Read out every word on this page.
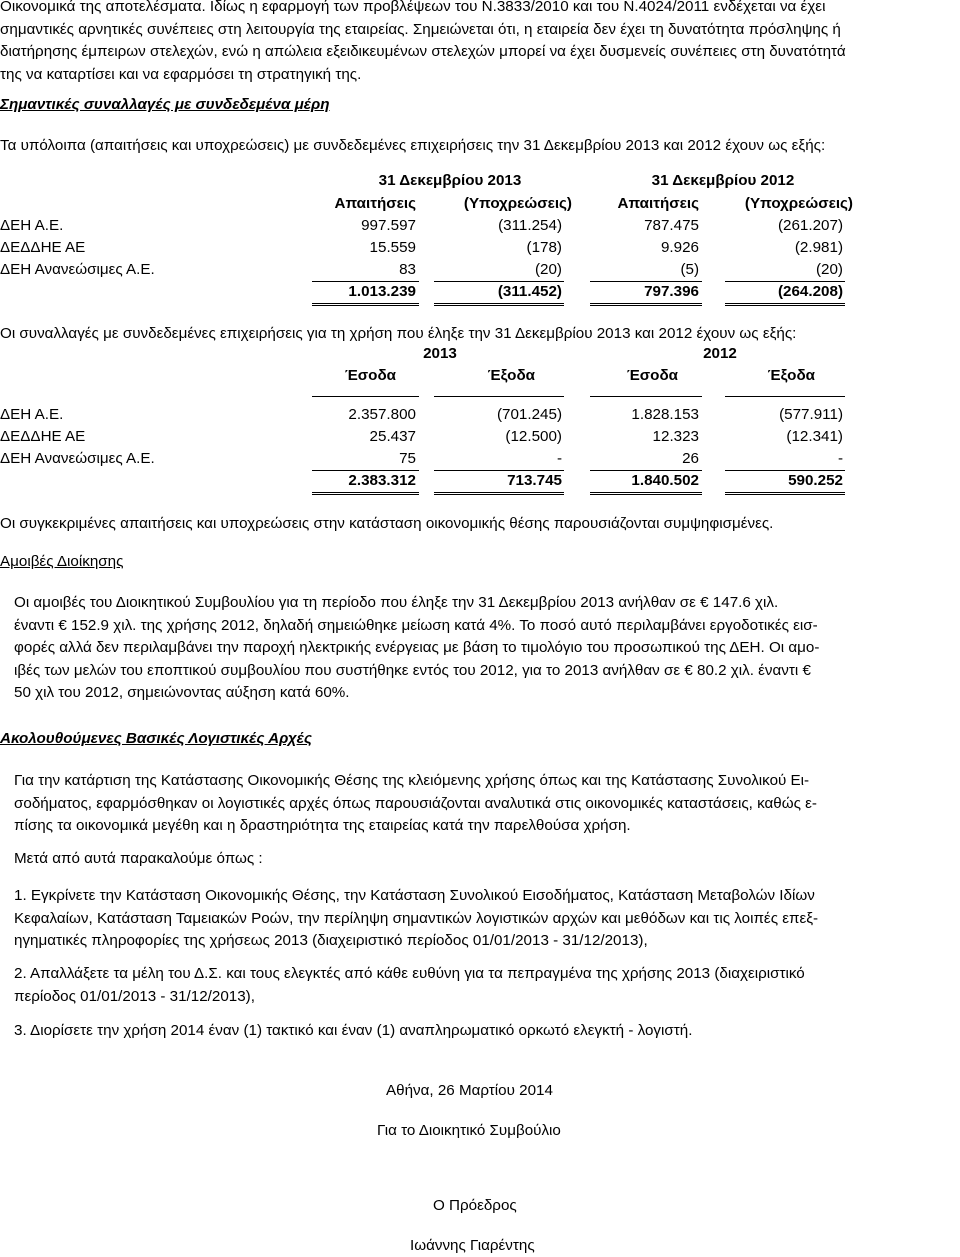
Οικονομικά της αποτελέσματα. Ιδίως η εφαρμογή των προβλέψεων του Ν.3833/2010 και του Ν.4024/2011 ενδέχεται να έχει
σημαντικές αρνητικές συνέπειες στη λειτουργία της εταιρείας. Σημειώνεται ότι, η εταιρεία δεν έχει τη δυνατότητα πρόσληψης ή
διατήρησης έμπειρων στελεχών, ενώ η απώλεια εξειδικευμένων στελεχών μπορεί να έχει δυσμενείς συνέπειες στη δυνατότητά
της να καταρτίσει και να εφαρμόσει τη στρατηγική της.
Σημαντικές συναλλαγές με συνδεδεμένα μέρη
Τα υπόλοιπα (απαιτήσεις και υποχρεώσεις) με συνδεδεμένες επιχειρήσεις την 31 Δεκεμβρίου 2013 και 2012 έχουν ως εξής:
31 Δεκεμβρίου 2013	31 Δεκεμβρίου 2012
Απαιτήσεις	(Υποχρεώσεις)	Απαιτήσεις	(Υποχρεώσεις)
ΔΕΗ Α.Ε.	997.597	(311.254)	787.475	(261.207)
ΔΕΔΔΗΕ ΑΕ	15.559	(178)	9.926	(2.981)
ΔΕΗ Ανανεώσιμες Α.Ε.	83	(20)	(5)	(20)
1.013.239	(311.452)	797.396	(264.208)
Οι συναλλαγές με συνδεδεμένες επιχειρήσεις για τη χρήση που έληξε την 31 Δεκεμβρίου 2013 και 2012 έχουν ως εξής:
2013	2012
Έσοδα	Έξοδα	Έσοδα	Έξοδα
ΔΕΗ Α.Ε.	2.357.800	(701.245)	1.828.153	(577.911)
ΔΕΔΔΗΕ ΑΕ	25.437	(12.500)	12.323	(12.341)
ΔΕΗ Ανανεώσιμες Α.Ε.	75	-	26	-
2.383.312	713.745	1.840.502	590.252
Οι συγκεκριμένες απαιτήσεις και υποχρεώσεις στην κατάσταση οικονομικής θέσης παρουσιάζονται συμψηφισμένες.
Αμοιβές Διοίκησης
Οι αμοιβές του Διοικητικού Συμβουλίου για τη περίοδο που έληξε την 31 Δεκεμβρίου 2013 ανήλθαν σε € 147.6 χιλ.
έναντι € 152.9 χιλ. της χρήσης 2012, δηλαδή σημειώθηκε μείωση κατά 4%. Το ποσό αυτό περιλαμβάνει εργοδοτικές εισ-
φορές αλλά δεν περιλαμβάνει την παροχή ηλεκτρικής ενέργειας με βάση το τιμολόγιο του προσωπικού της ΔΕΗ. Οι αμο-
ιβές των μελών του εποπτικού συμβουλίου που συστήθηκε εντός του 2012, για το 2013 ανήλθαν σε € 80.2 χιλ. έναντι €
50 χιλ του 2012, σημειώνοντας αύξηση κατά 60%.
Ακολουθούμενες Βασικές Λογιστικές Αρχές
Για την κατάρτιση της Κατάστασης Οικονομικής Θέσης της κλειόμενης χρήσης όπως και της Κατάστασης Συνολικού Ει-
σοδήματος, εφαρμόσθηκαν οι λογιστικές αρχές όπως παρουσιάζονται αναλυτικά στις οικονομικές καταστάσεις, καθώς ε-
πίσης τα οικονομικά μεγέθη και η δραστηριότητα της εταιρείας κατά την παρελθούσα χρήση.
Μετά από αυτά παρακαλούμε όπως :
1. Εγκρίνετε την Κατάσταση Οικονομικής Θέσης, την Κατάσταση Συνολικού Εισοδήματος, Κατάσταση Μεταβολών Ιδίων
Κεφαλαίων, Κατάσταση Ταμειακών Ροών, την περίληψη σημαντικών λογιστικών αρχών και μεθόδων και τις λοιπές επεξ-
ηγηματικές πληροφορίες της χρήσεως 2013 (διαχειριστικό περίοδος 01/01/2013 - 31/12/2013),
2. Απαλλάξετε τα μέλη του Δ.Σ. και τους ελεγκτές από κάθε ευθύνη για τα πεπραγμένα της χρήσης 2013 (διαχειριστικό
περίοδος 01/01/2013 - 31/12/2013),
3. Διορίσετε την χρήση 2014 έναν (1) τακτικό και έναν (1) αναπληρωματικό ορκωτό ελεγκτή - λογιστή.
Αθήνα, 26 Μαρτίου 2014
Για το Διοικητικό Συμβούλιο
Ο Πρόεδρος
Ιωάννης Γιαρέντης
